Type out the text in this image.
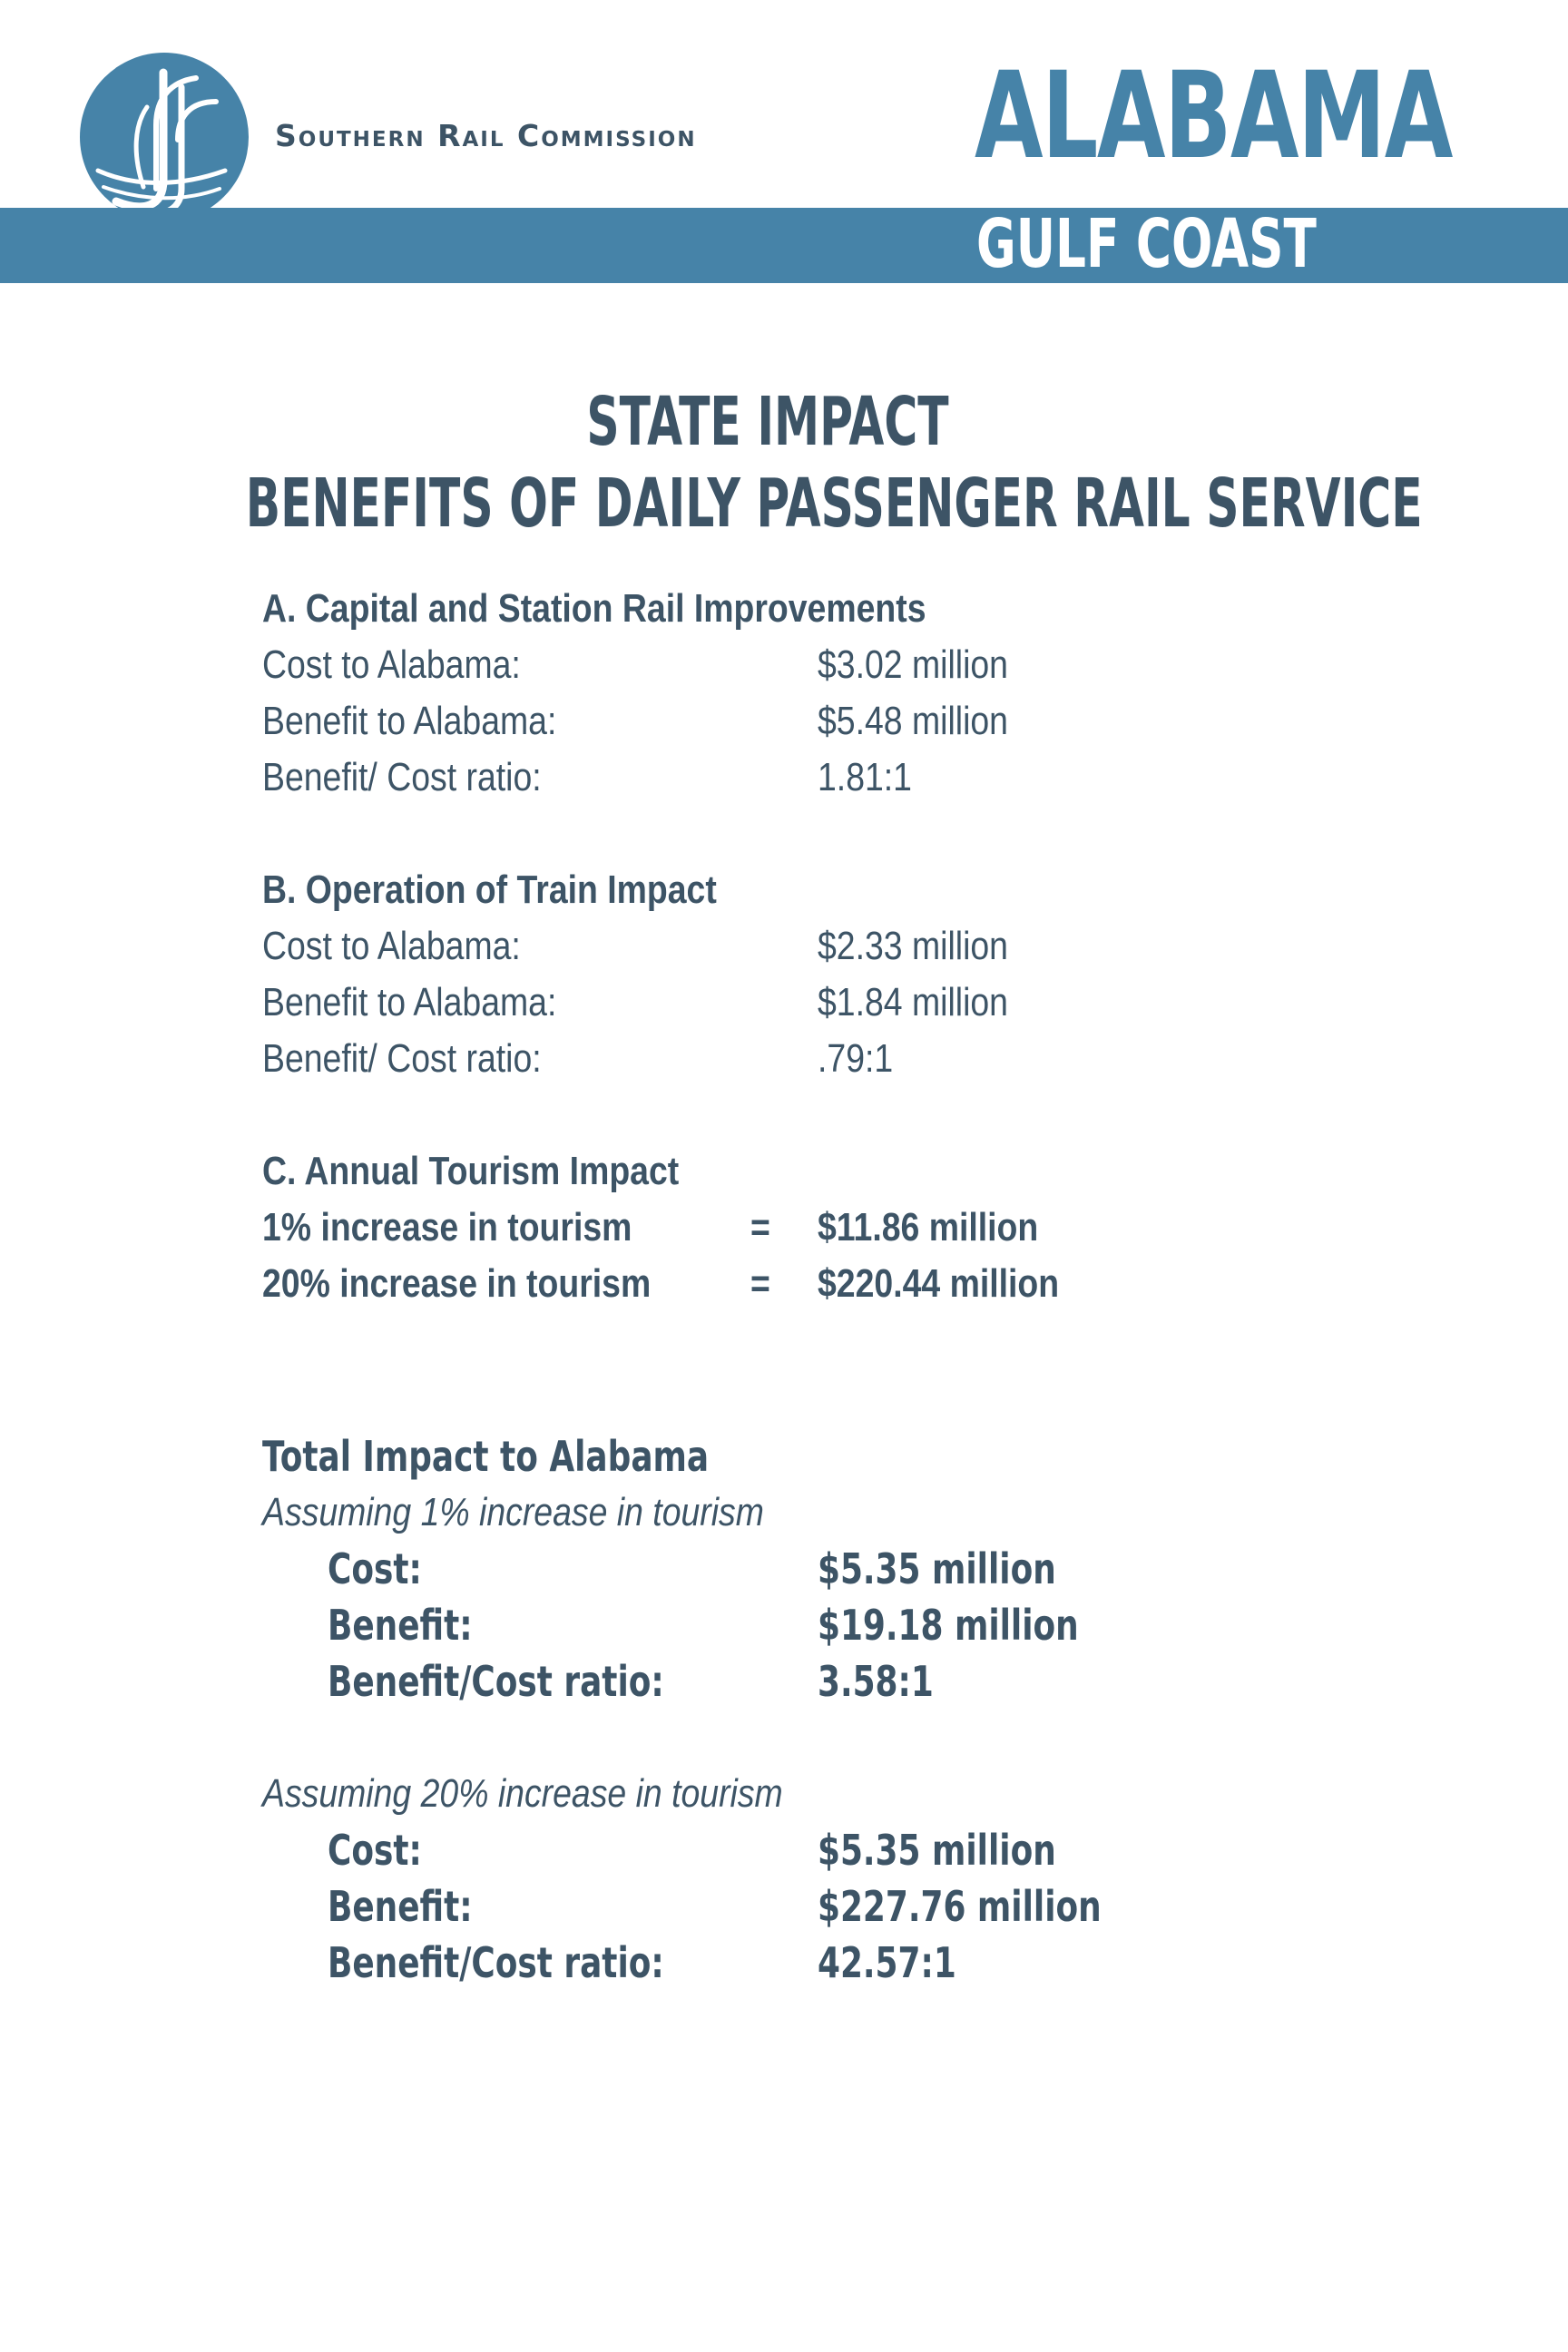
Southern Rail Commission ALABAMA
GULF COAST
STATE IMPACT
BENEFITS OF DAILY PASSENGER RAIL SERVICE
A. Capital and Station Rail Improvements
Cost to Alabama:	$3.02 million
Benefit to Alabama:	$5.48 million
Benefit/ Cost ratio:	1.81:1
B. Operation of Train Impact
Cost to Alabama:	$2.33 million
Benefit to Alabama:	$1.84 million
Benefit/ Cost ratio:	.79:1
C. Annual Tourism Impact
1% increase in tourism	= $11.86 million
20% increase in tourism	= $220.44 million
Total Impact to Alabama
Assuming 1% increase in tourism
Cost:	$5.35 million
Benefit:	$19.18 million
Benefit/Cost ratio:	3.58:1
Assuming 20% increase in tourism
Cost:	$5.35 million
Benefit:	$227.76 million
Benefit/Cost ratio:	42.57:1
